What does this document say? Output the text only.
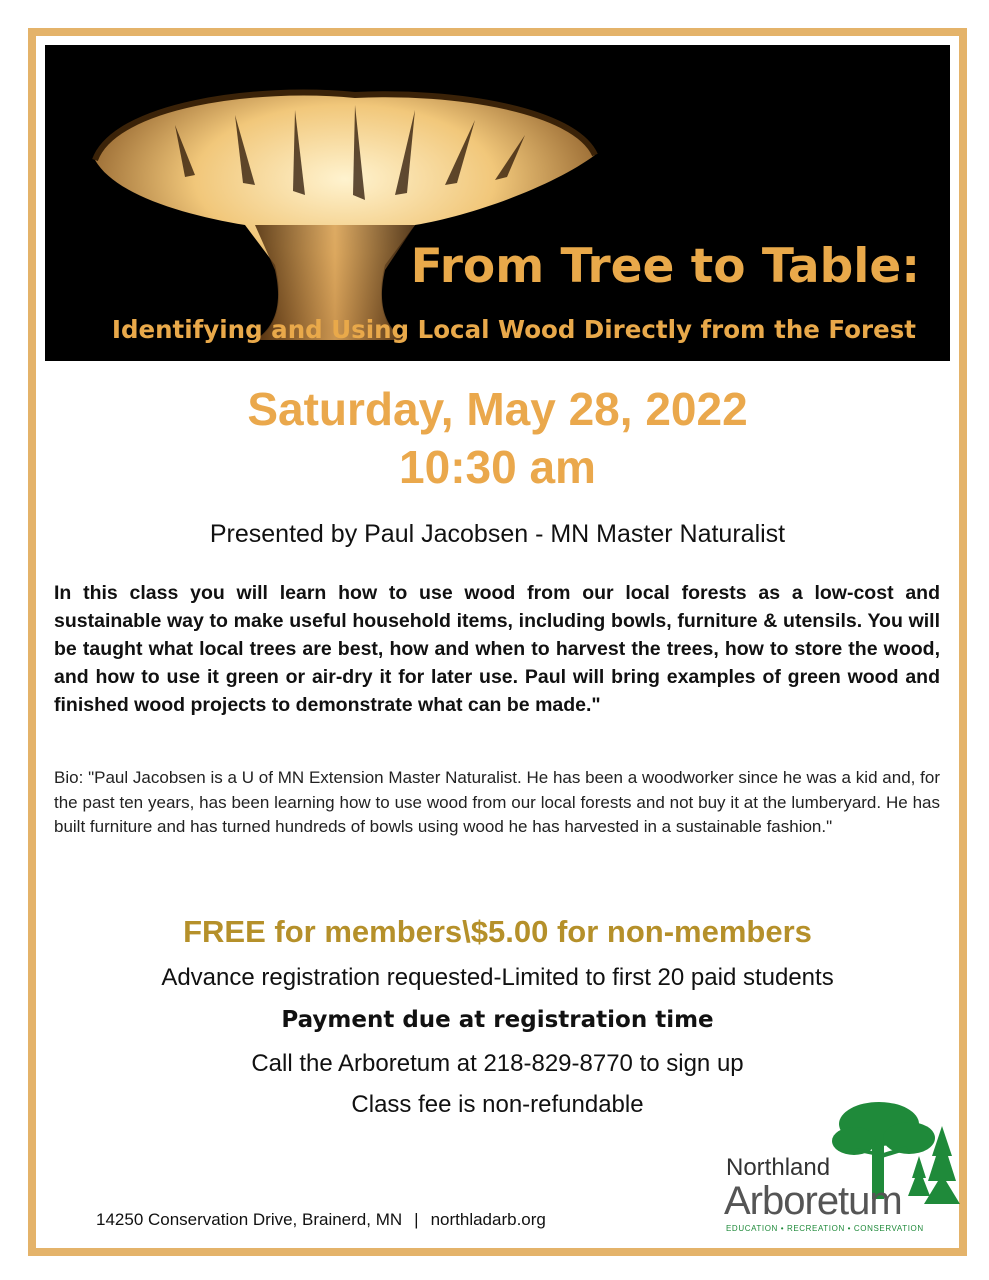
From Tree to Table:
Identifying and Using Local Wood Directly from the Forest
Saturday, May 28, 2022
10:30 am
Presented by Paul Jacobsen - MN Master Naturalist

In this class you will learn how to use wood from our local forests as a low-cost and sustainable way to make useful household items, including bowls, furniture & utensils. You will be taught what local trees are best, how and when to harvest the trees, how to store the wood, and how to use it green or air-dry it for later use. Paul will bring examples of green wood and finished wood projects to demonstrate what can be made."

Bio: "Paul Jacobsen is a U of MN Extension Master Naturalist. He has been a woodworker since he was a kid and, for the past ten years, has been learning how to use wood from our local forests and not buy it at the lumberyard. He has built furniture and has turned hundreds of bowls using wood he has harvested in a sustainable fashion."

FREE for members\$5.00 for non-members
Advance registration requested-Limited to first 20 paid students
Payment due at registration time
Call the Arboretum at 218-829-8770 to sign up
Class fee is non-refundable
Northland
Arboretum
EDUCATION • RECREATION • CONSERVATION
14250 Conservation Drive, Brainerd, MN | northladarb.org
